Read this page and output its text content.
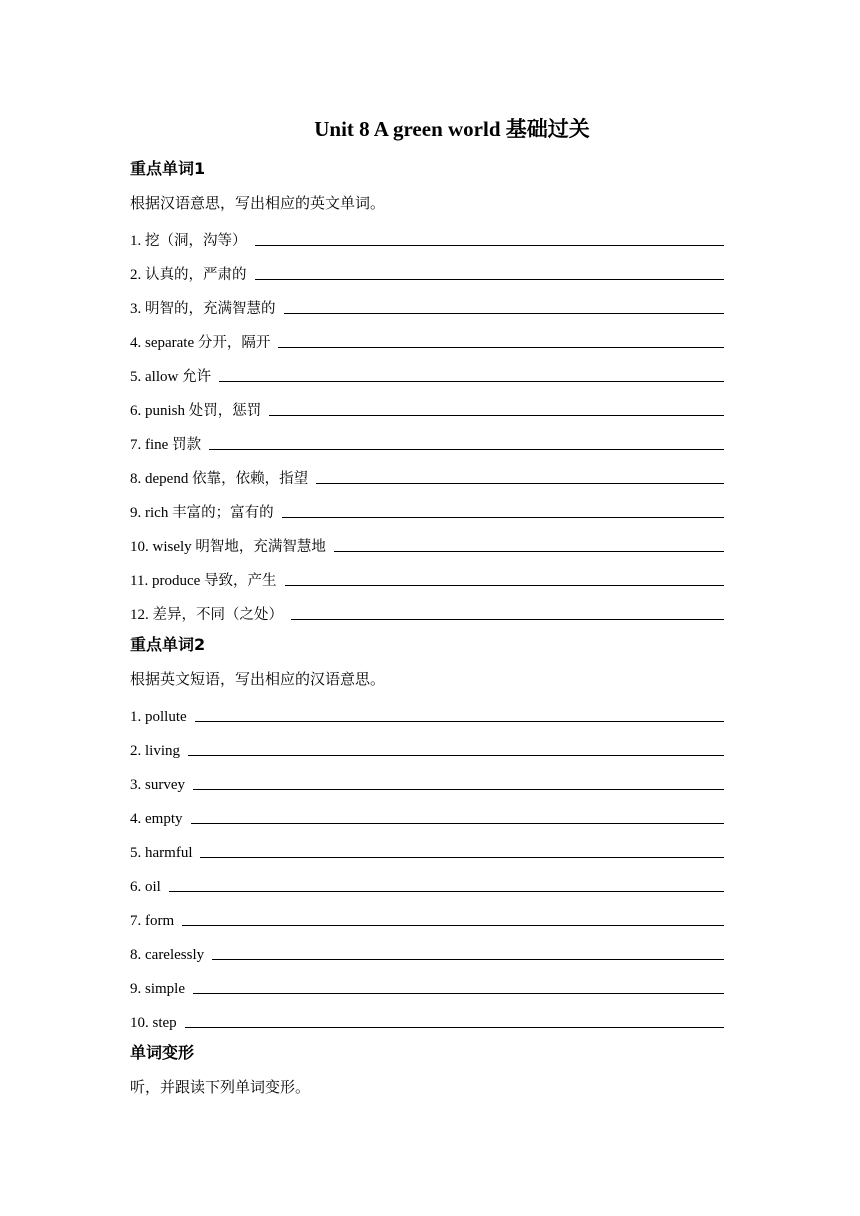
Unit 8 A green world 基础过关
重点单词1
根据汉语意思，写出相应的英文单词。
1. 挖（洞，沟等）
2. 认真的，严肃的
3. 明智的，充满智慧的
4. separate 分开，隔开
5. allow 允许
6. punish 处罚，惩罚
7. fine 罚款
8. depend 依靠，依赖，指望
9. rich 丰富的；富有的
10. wisely 明智地，充满智慧地
11. produce 导致，产生
12. 差异，不同（之处）
重点单词2
根据英文短语，写出相应的汉语意思。
1. pollute
2. living
3. survey
4. empty
5. harmful
6. oil
7. form
8. carelessly
9. simple
10. step
单词变形
听，并跟读下列单词变形。
